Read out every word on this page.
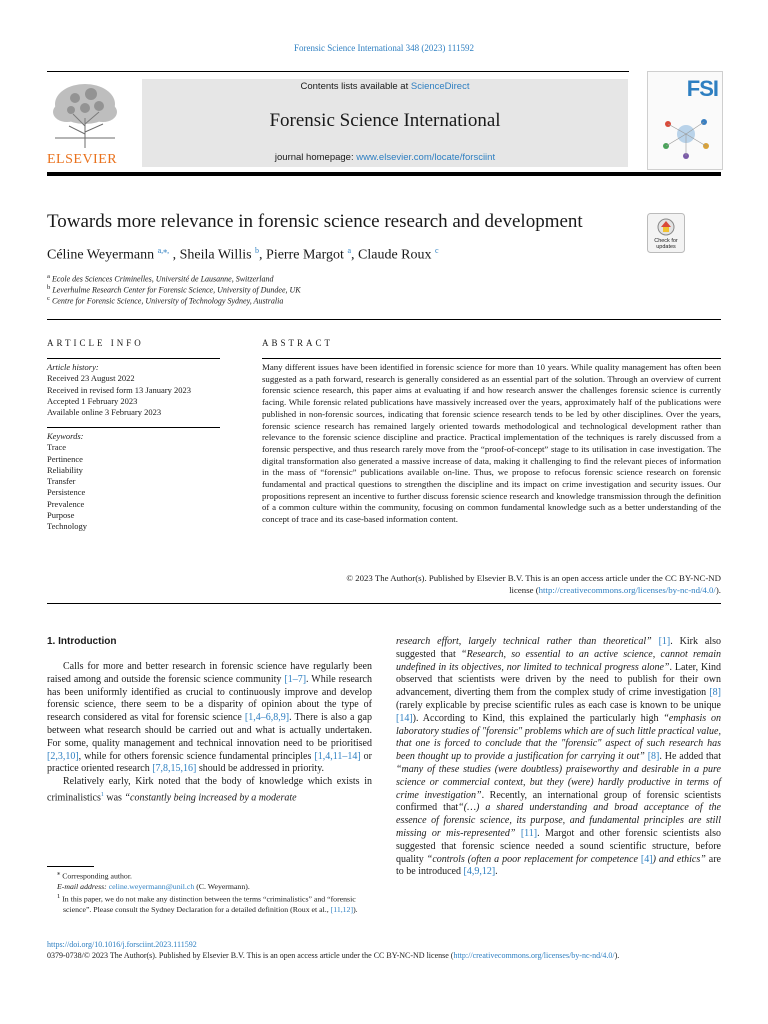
Forensic Science International 348 (2023) 111592
ELSEVIER
Contents lists available at ScienceDirect
Forensic Science International
journal homepage: www.elsevier.com/locate/forsciint
FSI
Towards more relevance in forensic science research and development
Check for updates
Céline Weyermann $^{a,⁎,}$ , Sheila Willis $^b$, Pierre Margot $^a$, Claude Roux $^c$
$^a$ Ecole des Sciences Criminelles, Université de Lausanne, Switzerland
$^b$ Leverhulme Research Center for Forensic Science, University of Dundee, UK
$^c$ Centre for Forensic Science, University of Technology Sydney, Australia
ARTICLE INFO
Article history:
Received 23 August 2022
Received in revised form 13 January 2023
Accepted 1 February 2023
Available online 3 February 2023
Keywords:
Trace
Pertinence
Reliability
Transfer
Persistence
Prevalence
Purpose
Technology
ABSTRACT
Many different issues have been identified in forensic science for more than 10 years. While quality management has often been suggested as a path forward, research is generally considered as an essential part of the solution. Through an overview of current forensic science research, this paper aims at evaluating if and how research answer the challenges forensic science is currently facing. While forensic related publications have massively increased over the years, approximately half of the publications were published in non-forensic sources, indicating that forensic science research tends to be led by other disciplines. Over the years, forensic science research has remained largely oriented towards methodological and technological development rather than relevance to the forensic science discipline and practice. Practical implementation of the techniques is rarely discussed from a forensic perspective, and thus research rarely move from the “proof-of-concept” stage to its utilisation in case investigation. The digital transformation also generated a massive increase of data, making it challenging to find the relevant pieces of information in the mass of “forensic” publications available on-line. Thus, we propose to refocus forensic science research on forensic fundamental and practical questions to strengthen the discipline and its impact on crime investigation and security issues. Our propositions represent an incentive to further discuss forensic science research and knowledge transmission through the definition of a common culture within the community, focusing on common fundamental knowledge such as a better understanding of the concept of trace and its case-based information content.
© 2023 The Author(s). Published by Elsevier B.V. This is an open access article under the CC BY-NC-ND
license (http://creativecommons.org/licenses/by-nc-nd/4.0/).
1. Introduction

Calls for more and better research in forensic science have regularly been raised among and outside the forensic science community [1–7]. While research has been uniformly identified as crucial to continuously improve and develop forensic science, there seem to be a disparity of opinion about the type of research considered as vital for forensic science [1,4–6,8,9]. There is also a gap between what research should be carried out and what is actually undertaken. For some, quality management and technical innovation need to be prioritised [2,3,10], while for others forensic science fundamental principles [1,4,11–14] or practice oriented research [7,8,15,16] should be addressed in priority.

Relatively early, Kirk noted that the body of knowledge which exists in criminalistics$^1$ was “constantly being increased by a moderate

research effort, largely technical rather than theoretical” [1]. Kirk also suggested that “Research, so essential to an active science, cannot remain undefined in its objectives, nor limited to technical progress alone”. Later, Kind observed that scientists were driven by the need to publish for their own advancement, diverting them from the complex study of crime investigation [8] (rarely explicable by precise scientific rules as each case is known to be unique [14]). According to Kind, this explained the particularly high “emphasis on laboratory studies of "forensic" problems which are of such little practical value, that one is forced to conclude that the "forensic" aspect of such research has been thought up to provide a justification for carrying it out” [8]. He added that “many of these studies (were doubtless) praiseworthy and desirable in a pure science or commercial context, but they (were) hardly productive in terms of crime investigation”. Recently, an international group of forensic scientists confirmed that“(…) a shared understanding and broad acceptance of the essence of forensic science, its purpose, and fundamental principles are still missing or mis-represented” [11]. Margot and other forensic scientists also suggested that forensic science needed a sound scientific structure, before quality “controls (often a poor replacement for competence [4]) and ethics” are to be introduced [4,9,12].

⁎ Corresponding author.
E-mail address: celine.weyermann@unil.ch (C. Weyermann).
$^1$ In this paper, we do not make any distinction between the terms “criminalistics” and “forensic science”. Please consult the Sydney Declaration for a detailed definition (Roux et al., [11,12]).
https://doi.org/10.1016/j.forsciint.2023.111592
0379-0738/© 2023 The Author(s). Published by Elsevier B.V. This is an open access article under the CC BY-NC-ND license (http://creativecommons.org/licenses/by-nc-nd/4.0/).
